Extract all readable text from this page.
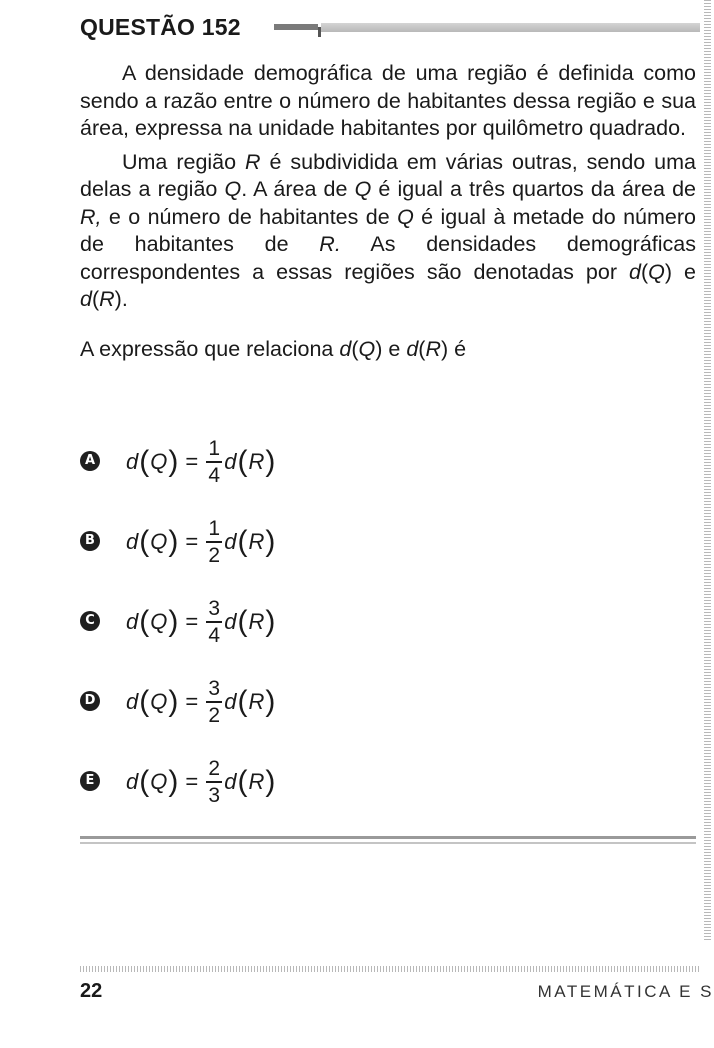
QUESTÃO 152

A densidade demográfica de uma região é definida como sendo a razão entre o número de habitantes dessa região e sua área, expressa na unidade habitantes por quilômetro quadrado.

Uma região R é subdividida em várias outras, sendo uma delas a região Q. A área de Q é igual a três quartos da área de R, e o número de habitantes de Q é igual à metade do número de habitantes de R. As densidades demográficas correspondentes a essas regiões são denotadas por d(Q) e d(R).

A expressão que relaciona d(Q) e d(R) é

A d ( Q ) = $\frac{1}{4}$ d ( R )
B d ( Q ) = $\frac{1}{2}$ d ( R )
C d ( Q ) = $\frac{3}{4}$ d ( R )
D d ( Q ) = $\frac{3}{2}$ d ( R )
E d ( Q ) = $\frac{2}{3}$ d ( R )
22	MATEMÁTICA E S
